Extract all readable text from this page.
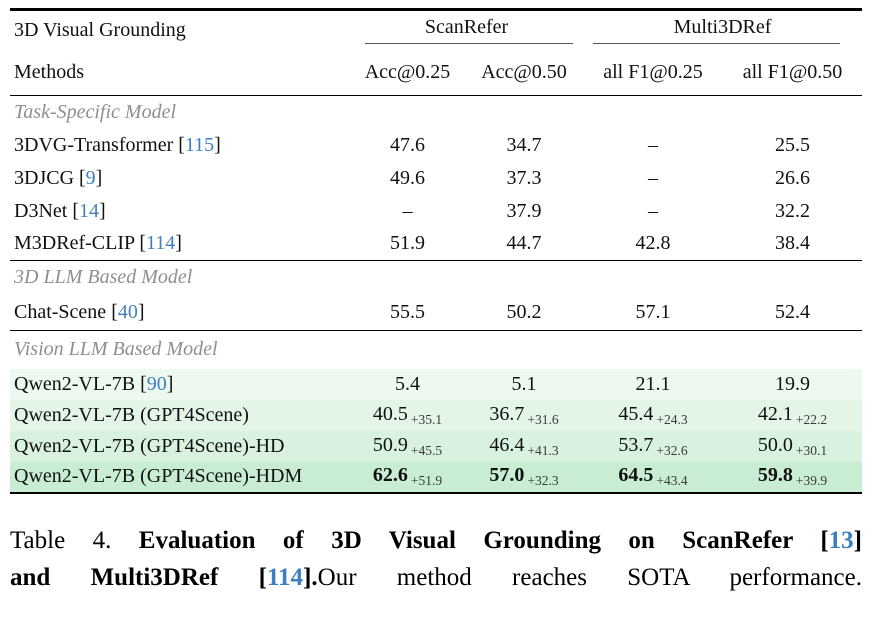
3D Visual Grounding	ScanRefer		Multi3DRef	

Methods	Acc@0.25	Acc@0.50	all F1@0.25	all F1@0.50
Task-Specific Model				
3DVG-Transformer [115]	47.6	34.7	–	25.5
3DJCG [9]	49.6	37.3	–	26.6
D3Net [14]	–	37.9	–	32.2
M3DRef-CLIP [114]	51.9	44.7	42.8	38.4
3D LLM Based Model				
Chat-Scene [40]	55.5	50.2	57.1	52.4
Vision LLM Based Model				
Qwen2-VL-7B [90]	5.4	5.1	21.1	19.9
Qwen2-VL-7B (GPT4Scene)	40.5 +35.1	36.7 +31.6	45.4 +24.3	42.1 +22.2
Qwen2-VL-7B (GPT4Scene)-HD	50.9 +45.5	46.4 +41.3	53.7 +32.6	50.0 +30.1
Qwen2-VL-7B (GPT4Scene)-HDM	62.6 +51.9	57.0 +32.3	64.5 +43.4	59.8 +39.9
Table 4. Evaluation of 3D Visual Grounding on ScanRefer [13]
and Multi3DRef [114].Our method reaches SOTA performance.
